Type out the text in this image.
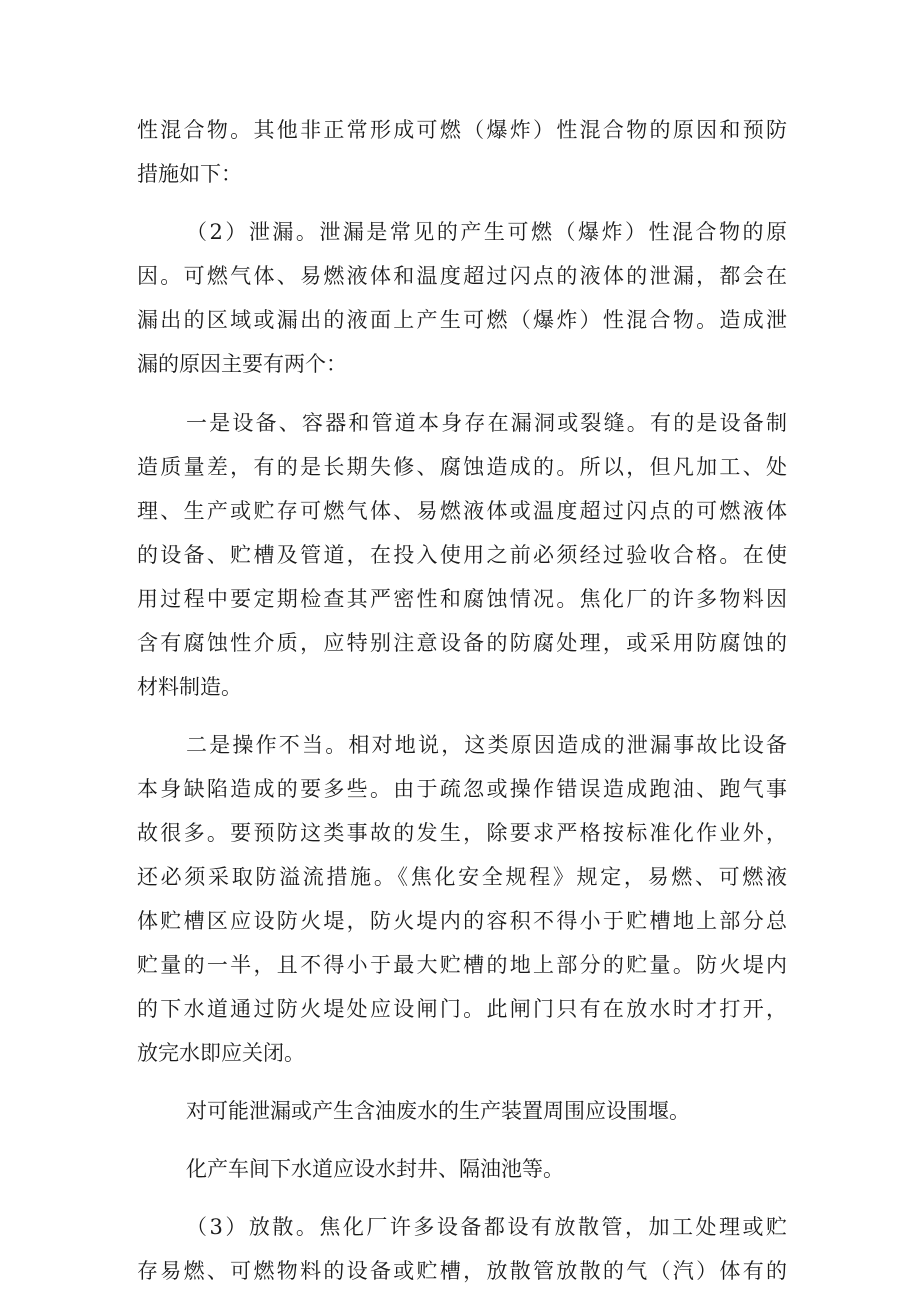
性混合物。其他非正常形成可燃（爆炸）性混合物的原因和预防
措施如下：
（2）泄漏。泄漏是常见的产生可燃（爆炸）性混合物的原
因。可燃气体、易燃液体和温度超过闪点的液体的泄漏，都会在
漏出的区域或漏出的液面上产生可燃（爆炸）性混合物。造成泄
漏的原因主要有两个：
一是设备、容器和管道本身存在漏洞或裂缝。有的是设备制
造质量差，有的是长期失修、腐蚀造成的。所以，但凡加工、处
理、生产或贮存可燃气体、易燃液体或温度超过闪点的可燃液体
的设备、贮槽及管道，在投入使用之前必须经过验收合格。在使
用过程中要定期检查其严密性和腐蚀情况。焦化厂的许多物料因
含有腐蚀性介质，应特别注意设备的防腐处理，或采用防腐蚀的
材料制造。
二是操作不当。相对地说，这类原因造成的泄漏事故比设备
本身缺陷造成的要多些。由于疏忽或操作错误造成跑油、跑气事
故很多。要预防这类事故的发生，除要求严格按标准化作业外，
还必须采取防溢流措施。《焦化安全规程》规定，易燃、可燃液
体贮槽区应设防火堤，防火堤内的容积不得小于贮槽地上部分总
贮量的一半，且不得小于最大贮槽的地上部分的贮量。防火堤内
的下水道通过防火堤处应设闸门。此闸门只有在放水时才打开，
放完水即应关闭。
对可能泄漏或产生含油废水的生产装置周围应设围堰。
化产车间下水道应设水封井、隔油池等。
（3）放散。焦化厂许多设备都设有放散管，加工处理或贮
存易燃、可燃物料的设备或贮槽，放散管放散的气（汽）体有的
